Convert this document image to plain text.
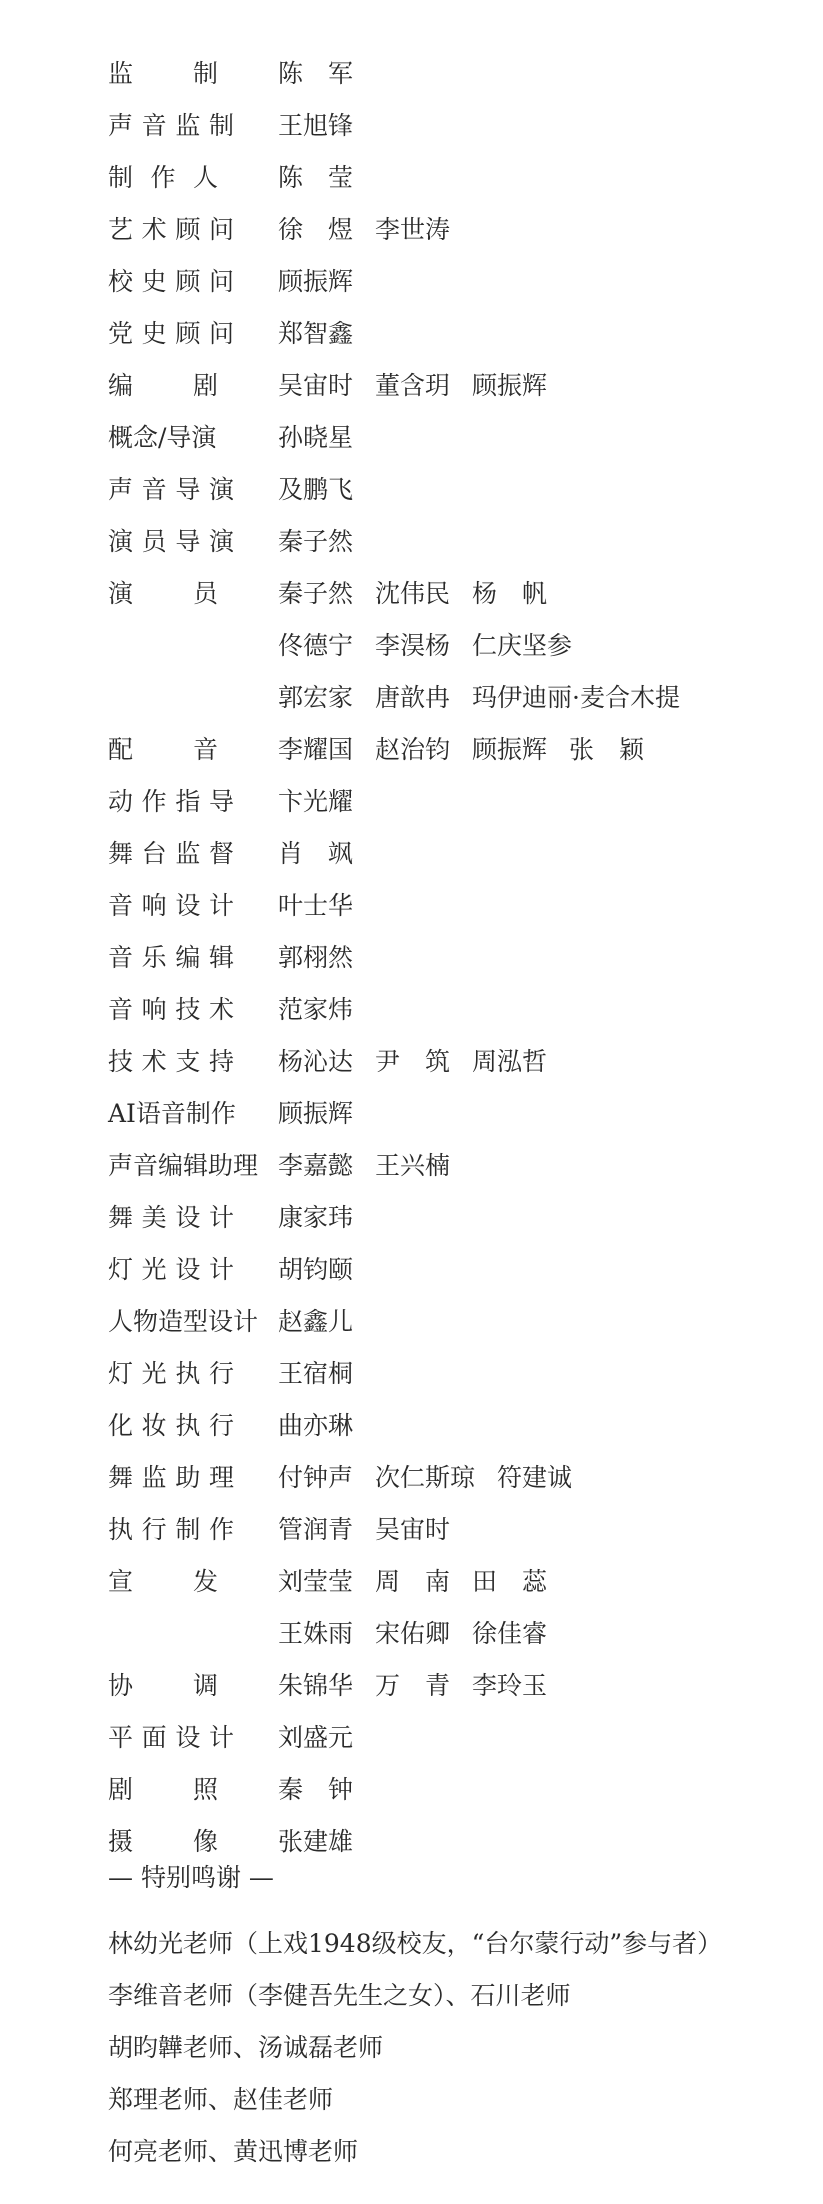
监 制 陈　军
声 音 监 制 王旭锋
制 作 人 陈　莹
艺 术 顾 问 徐　煜 李世涛
校 史 顾 问 顾振辉
党 史 顾 问 郑智鑫
编 剧 吴宙时 董含玥 顾振辉
概念/导演	孙晓星
声 音 导 演 及鹏飞
演 员 导 演 秦子然
演 员 秦子然 沈伟民 杨　帆
佟德宁 李淏杨 仁庆坚参
郭宏家 唐歆冉 玛伊迪丽·麦合木提
配 音 李耀国 赵治钧 顾振辉 张　颖
动 作 指 导 卞光耀
舞 台 监 督 肖　飒
音 响 设 计 叶士华
音 乐 编 辑 郭栩然
音 响 技 术 范家炜
技 术 支 持 杨沁达 尹　筑 周泓哲
AI语音制作	顾振辉
声音编辑助理 李嘉懿 王兴楠
舞 美 设 计 康家玮
灯 光 设 计 胡钧颐
人物造型设计 赵鑫儿
灯 光 执 行 王宿桐
化 妆 执 行 曲亦琳
舞 监 助 理 付钟声 次仁斯琼 符建诚
执 行 制 作 管润青 吴宙时
宣 发 刘莹莹 周　南 田　蕊
王姝雨 宋佑卿 徐佳睿
协 调 朱锦华 万　青 李玲玉
平 面 设 计 刘盛元
剧 照 秦　钟
摄 像 张建雄
— 特别鸣谢 —
林幼光老师（上戏1948级校友，“台尔蒙行动”参与者）
李维音老师（李健吾先生之女）、石川老师
胡昀韡老师、汤诚磊老师
郑理老师、赵佳老师
何亮老师、黄迅博老师
